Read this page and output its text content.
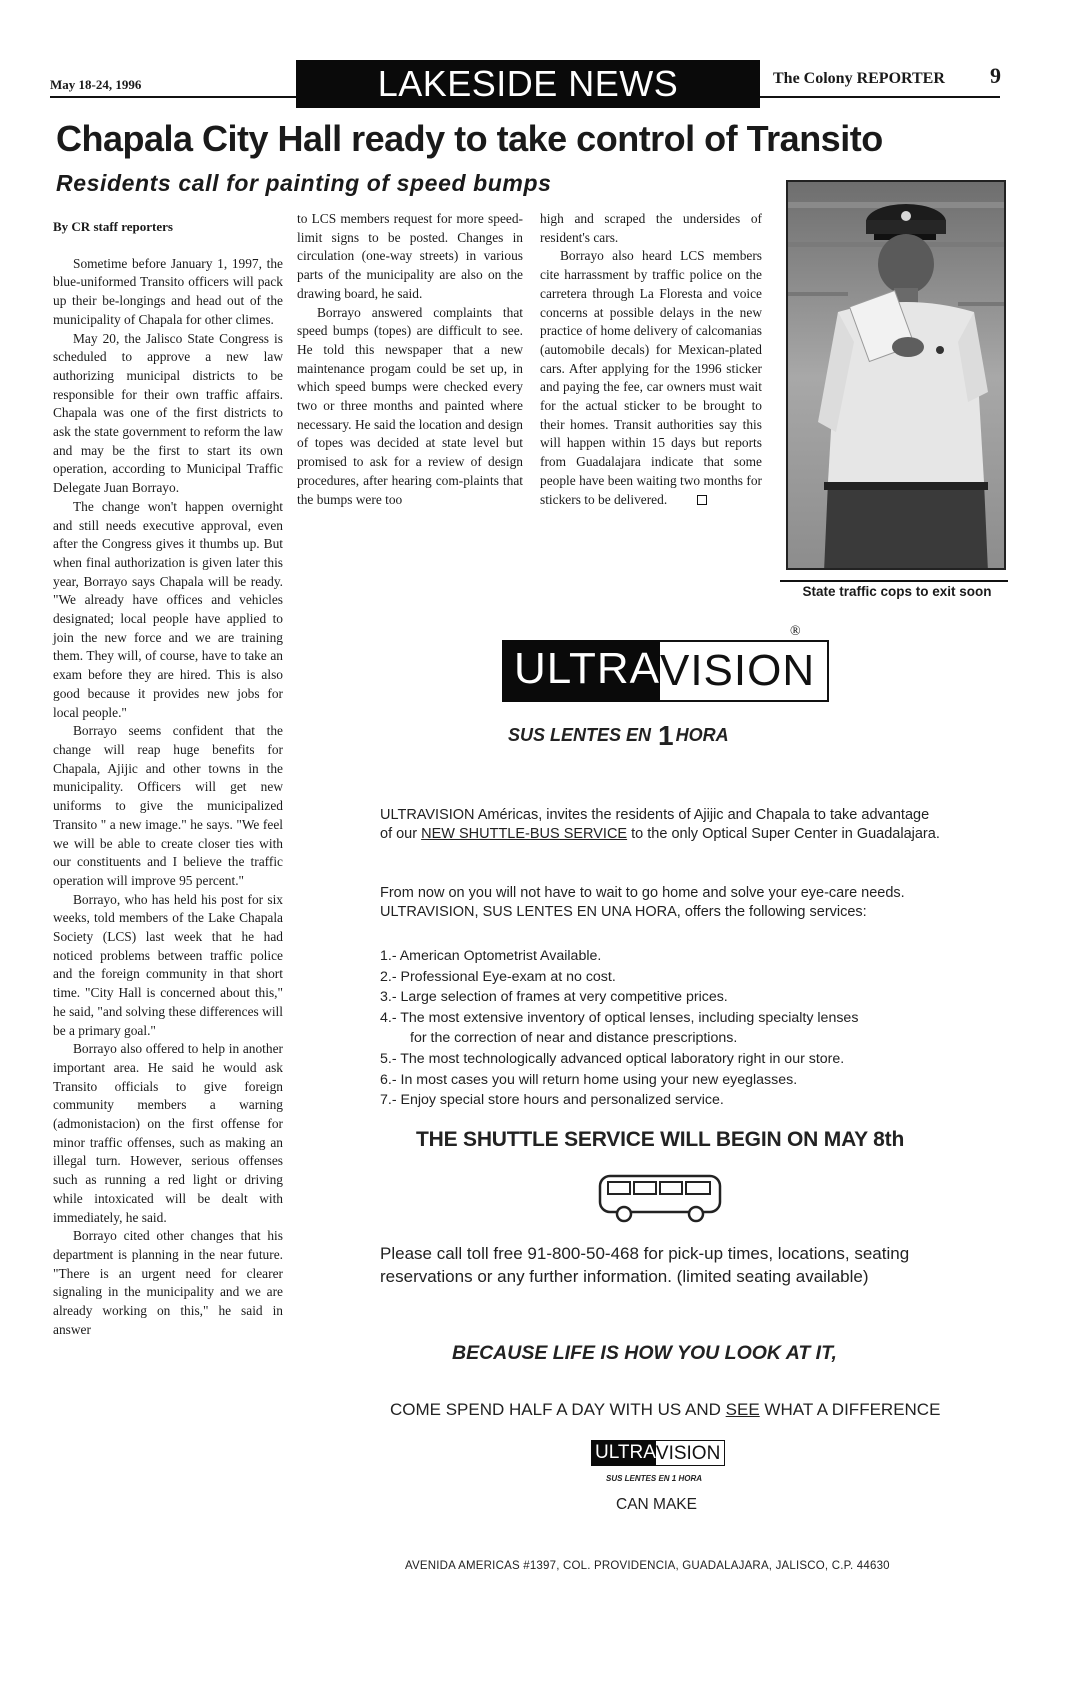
May 18-24, 1996	LAKESIDE NEWS	The Colony REPORTER 9
Chapala City Hall ready to take control of Transito
Residents call for painting of speed bumps
By CR staff reporters

Sometime before January 1, 1997, the blue-uniformed Transito officers will pack up their be-longings and head out of the municipality of Chapala for other climes.

May 20, the Jalisco State Congress is scheduled to approve a new law authorizing municipal districts to be responsible for their own traffic affairs. Chapala was one of the first districts to ask the state government to reform the law and may be the first to start its own operation, according to Municipal Traffic Delegate Juan Borrayo.

The change won't happen overnight and still needs executive approval, even after the Congress gives it thumbs up. But when final authorization is given later this year, Borrayo says Chapala will be ready. "We already have offices and vehicles designated; local people have applied to join the new force and we are training them. They will, of course, have to take an exam before they are hired. This is also good because it provides new jobs for local people."

Borrayo seems confident that the change will reap huge benefits for Chapala, Ajijic and other towns in the municipality. Officers will get new uniforms to give the municipalized Transito " a new image." he says. "We feel we will be able to create closer ties with our constituents and I believe the traffic operation will improve 95 percent."

Borrayo, who has held his post for six weeks, told members of the Lake Chapala Society (LCS) last week that he had noticed problems between traffic police and the foreign community in that short time. "City Hall is concerned about this," he said, "and solving these differences will be a primary goal."

Borrayo also offered to help in another important area. He said he would ask Transito officials to give foreign community members a warning (admonistacion) on the first offense for minor traffic offenses, such as making an illegal turn. However, serious offenses such as running a red light or driving while intoxicated will be dealt with immediately, he said.

Borrayo cited other changes that his department is planning in the near future. "There is an urgent need for clearer signaling in the municipality and we are already working on this," he said in answer

to LCS members request for more speed-limit signs to be posted. Changes in circulation (one-way streets) in various parts of the municipality are also on the drawing board, he said.

Borrayo answered complaints that speed bumps (topes) are difficult to see. He told this newspaper that a new maintenance progam could be set up, in which speed bumps were checked every two or three months and painted where necessary. He said the location and design of topes was decided at state level but promised to ask for a review of design procedures, after hearing com-plaints that the bumps were too

high and scraped the undersides of resident's cars.

Borrayo also heard LCS members cite harrassment by traffic police on the carretera through La Floresta and voice concerns at possible delays in the new practice of home delivery of calcomanias (automobile decals) for Mexican-plated cars. After applying for the 1996 sticker and paying the fee, car owners must wait for the actual sticker to be brought to their homes. Transit authorities say this will happen within 15 days but reports from Guadalajara indicate that some people have been waiting two months for stickers to be delivered.

State traffic cops to exit soon
ULTRA VISION
®
SUS LENTES EN 1 HORA
ULTRAVISION Américas, invites the residents of Ajijic and Chapala to take advantage of our NEW SHUTTLE-BUS SERVICE to the only Optical Super Center in Guadalajara.
From now on you will not have to wait to go home and solve your eye-care needs. ULTRAVISION, SUS LENTES EN UNA HORA, offers the following services:
1.- American Optometrist Available.
2.- Professional Eye-exam at no cost.
3.- Large selection of frames at very competitive prices.
4.- The most extensive inventory of optical lenses, including specialty lenses
for the correction of near and distance prescriptions.
5.- The most technologically advanced optical laboratory right in our store.
6.- In most cases you will return home using your new eyeglasses.
7.- Enjoy special store hours and personalized service.
THE SHUTTLE SERVICE WILL BEGIN ON MAY 8th
Please call toll free 91-800-50-468 for pick-up times, locations, seating reservations or any further information. (limited seating available)
BECAUSE LIFE IS HOW YOU LOOK AT IT,
COME SPEND HALF A DAY WITH US AND SEE WHAT A DIFFERENCE
ULTRA VISION
SUS LENTES EN 1 HORA
CAN MAKE
AVENIDA AMERICAS #1397, COL. PROVIDENCIA, GUADALAJARA, JALISCO, C.P. 44630
